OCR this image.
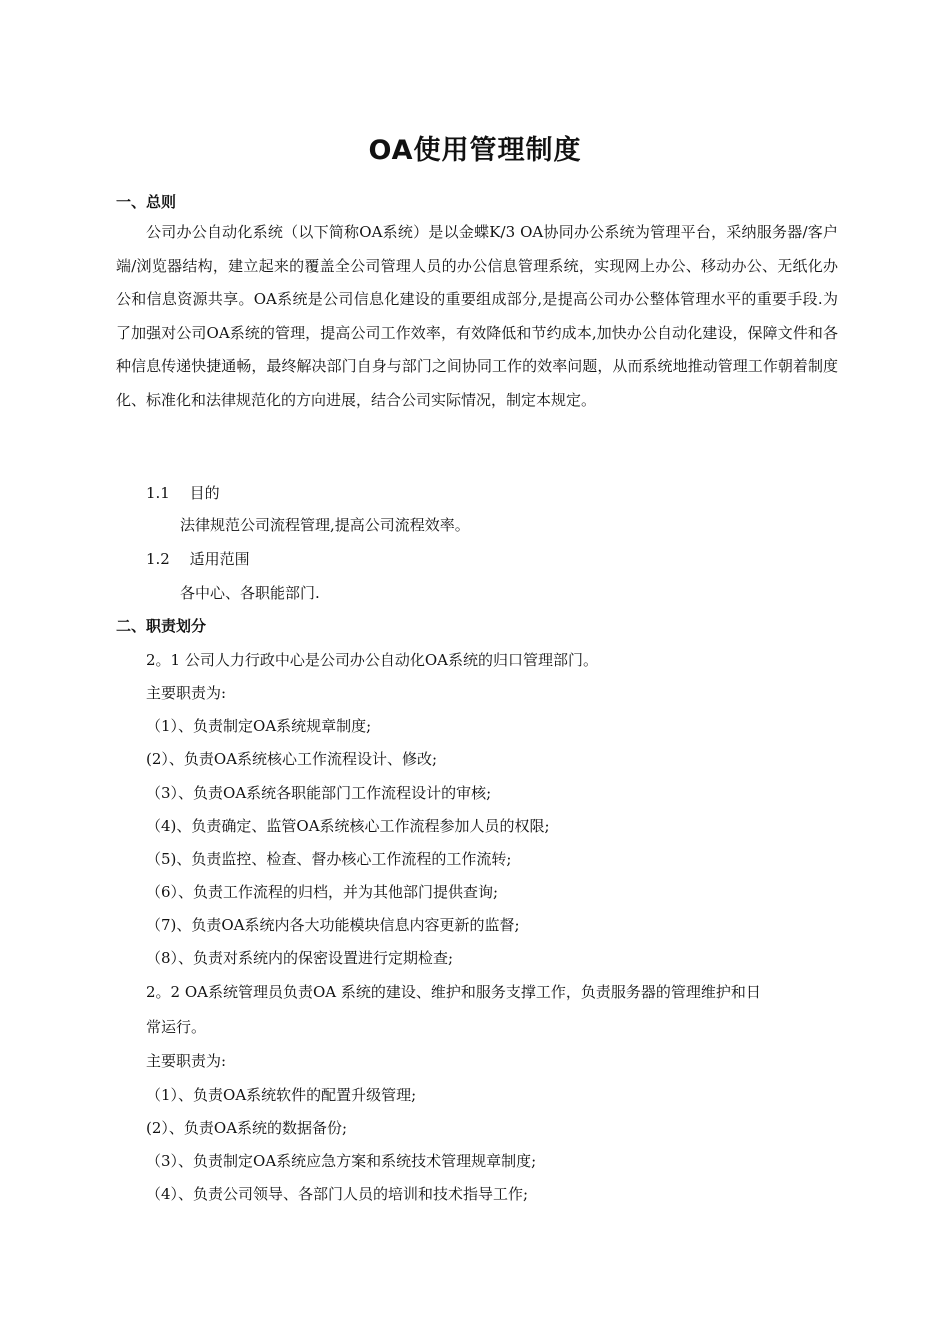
OA使用管理制度
一、总则
公司办公自动化系统（以下简称OA系统）是以金蝶K/3 OA协同办公系统为管理平台，采纳服务器/客户端/浏览器结构，建立起来的覆盖全公司管理人员的办公信息管理系统，实现网上办公、移动办公、无纸化办公和信息资源共享。OA系统是公司信息化建设的重要组成部分,是提高公司办公整体管理水平的重要手段.为了加强对公司OA系统的管理，提高公司工作效率，有效降低和节约成本,加快办公自动化建设，保障文件和各种信息传递快捷通畅，最终解决部门自身与部门之间协同工作的效率问题，从而系统地推动管理工作朝着制度化、标准化和法律规范化的方向进展，结合公司实际情况，制定本规定。
1.1　 目的
法律规范公司流程管理,提高公司流程效率。
1.2　 适用范围
各中心、各职能部门.
二、职责划分
2。1 公司人力行政中心是公司办公自动化OA系统的归口管理部门。
主要职责为:
（1）、负责制定OA系统规章制度;
(2）、负责OA系统核心工作流程设计、修改;
（3）、负责OA系统各职能部门工作流程设计的审核;
（4)、负责确定、监管OA系统核心工作流程参加人员的权限;
（5)、负责监控、检查、督办核心工作流程的工作流转;
（6）、负责工作流程的归档，并为其他部门提供查询;
（7)、负责OA系统内各大功能模块信息内容更新的监督;
（8）、负责对系统内的保密设置进行定期检查;
2。2 OA系统管理员负责OA 系统的建设、维护和服务支撑工作，负责服务器的管理维护和日
常运行。
主要职责为:
（1）、负责OA系统软件的配置升级管理;
(2）、负责OA系统的数据备份;
（3）、负责制定OA系统应急方案和系统技术管理规章制度;
（4）、负责公司领导、各部门人员的培训和技术指导工作;
